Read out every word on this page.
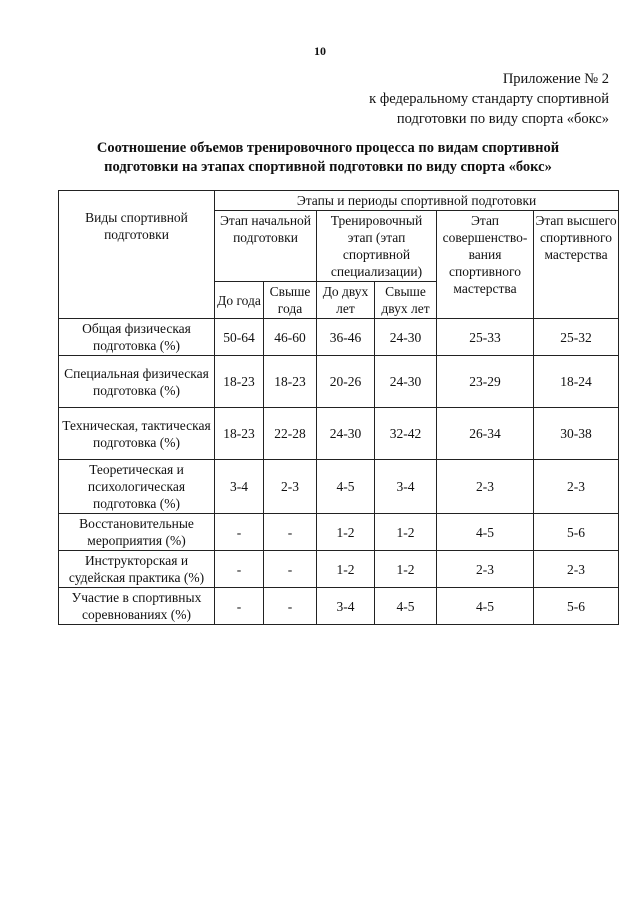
10
Приложение № 2
к федеральному стандарту спортивной
подготовки по виду спорта «бокс»
Соотношение объемов тренировочного процесса по видам спортивной
подготовки на этапах спортивной подготовки по виду спорта «бокс»
Виды спортивной подготовки	Этапы и периоды спортивной подготовки					
	Этап начальной подготовки		Тренировочный этап (этап спортивной специализации)		Этап совершенство-вания спортивного мастерства	Этап высшего спортивного мастерства
	До года	Свыше года	До двух лет	Свыше двух лет		
Общая физическая подготовка (%)	50-64	46-60	36-46	24-30	25-33	25-32
Специальная физическая подготовка (%)	18-23	18-23	20-26	24-30	23-29	18-24
Техническая, тактическая подготовка (%)	18-23	22-28	24-30	32-42	26-34	30-38
Теоретическая и психологическая подготовка (%)	3-4	2-3	4-5	3-4	2-3	2-3
Восстановительные мероприятия (%)	-	-	1-2	1-2	4-5	5-6
Инструкторская и судейская практика (%)	-	-	1-2	1-2	2-3	2-3
Участие в спортивных соревнованиях (%)	-	-	3-4	4-5	4-5	5-6
